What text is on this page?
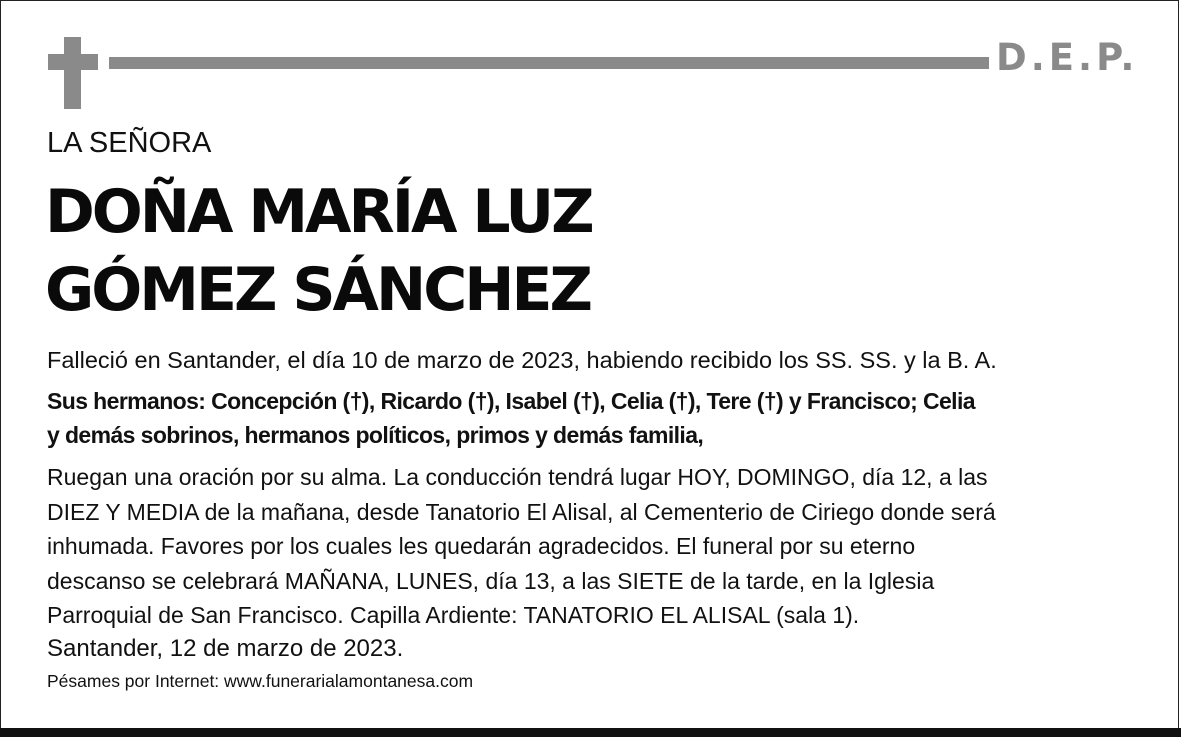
D.E.P.
LA SEÑORA
DOÑA MARÍA LUZ
GÓMEZ SÁNCHEZ
Falleció en Santander, el día 10 de marzo de 2023, habiendo recibido los SS. SS. y la B. A.
Sus hermanos: Concepción (†), Ricardo (†), Isabel (†), Celia (†), Tere (†) y Francisco; Celia
y demás sobrinos, hermanos políticos, primos y demás familia,
Ruegan una oración por su alma. La conducción tendrá lugar HOY, DOMINGO, día 12, a las
DIEZ Y MEDIA de la mañana, desde Tanatorio El Alisal, al Cementerio de Ciriego donde será
inhumada. Favores por los cuales les quedarán agradecidos. El funeral por su eterno
descanso se celebrará MAÑANA, LUNES, día 13, a las SIETE de la tarde, en la Iglesia
Parroquial de San Francisco. Capilla Ardiente: TANATORIO EL ALISAL (sala 1).
Santander, 12 de marzo de 2023.
Pésames por Internet: www.funerarialamontanesa.com
